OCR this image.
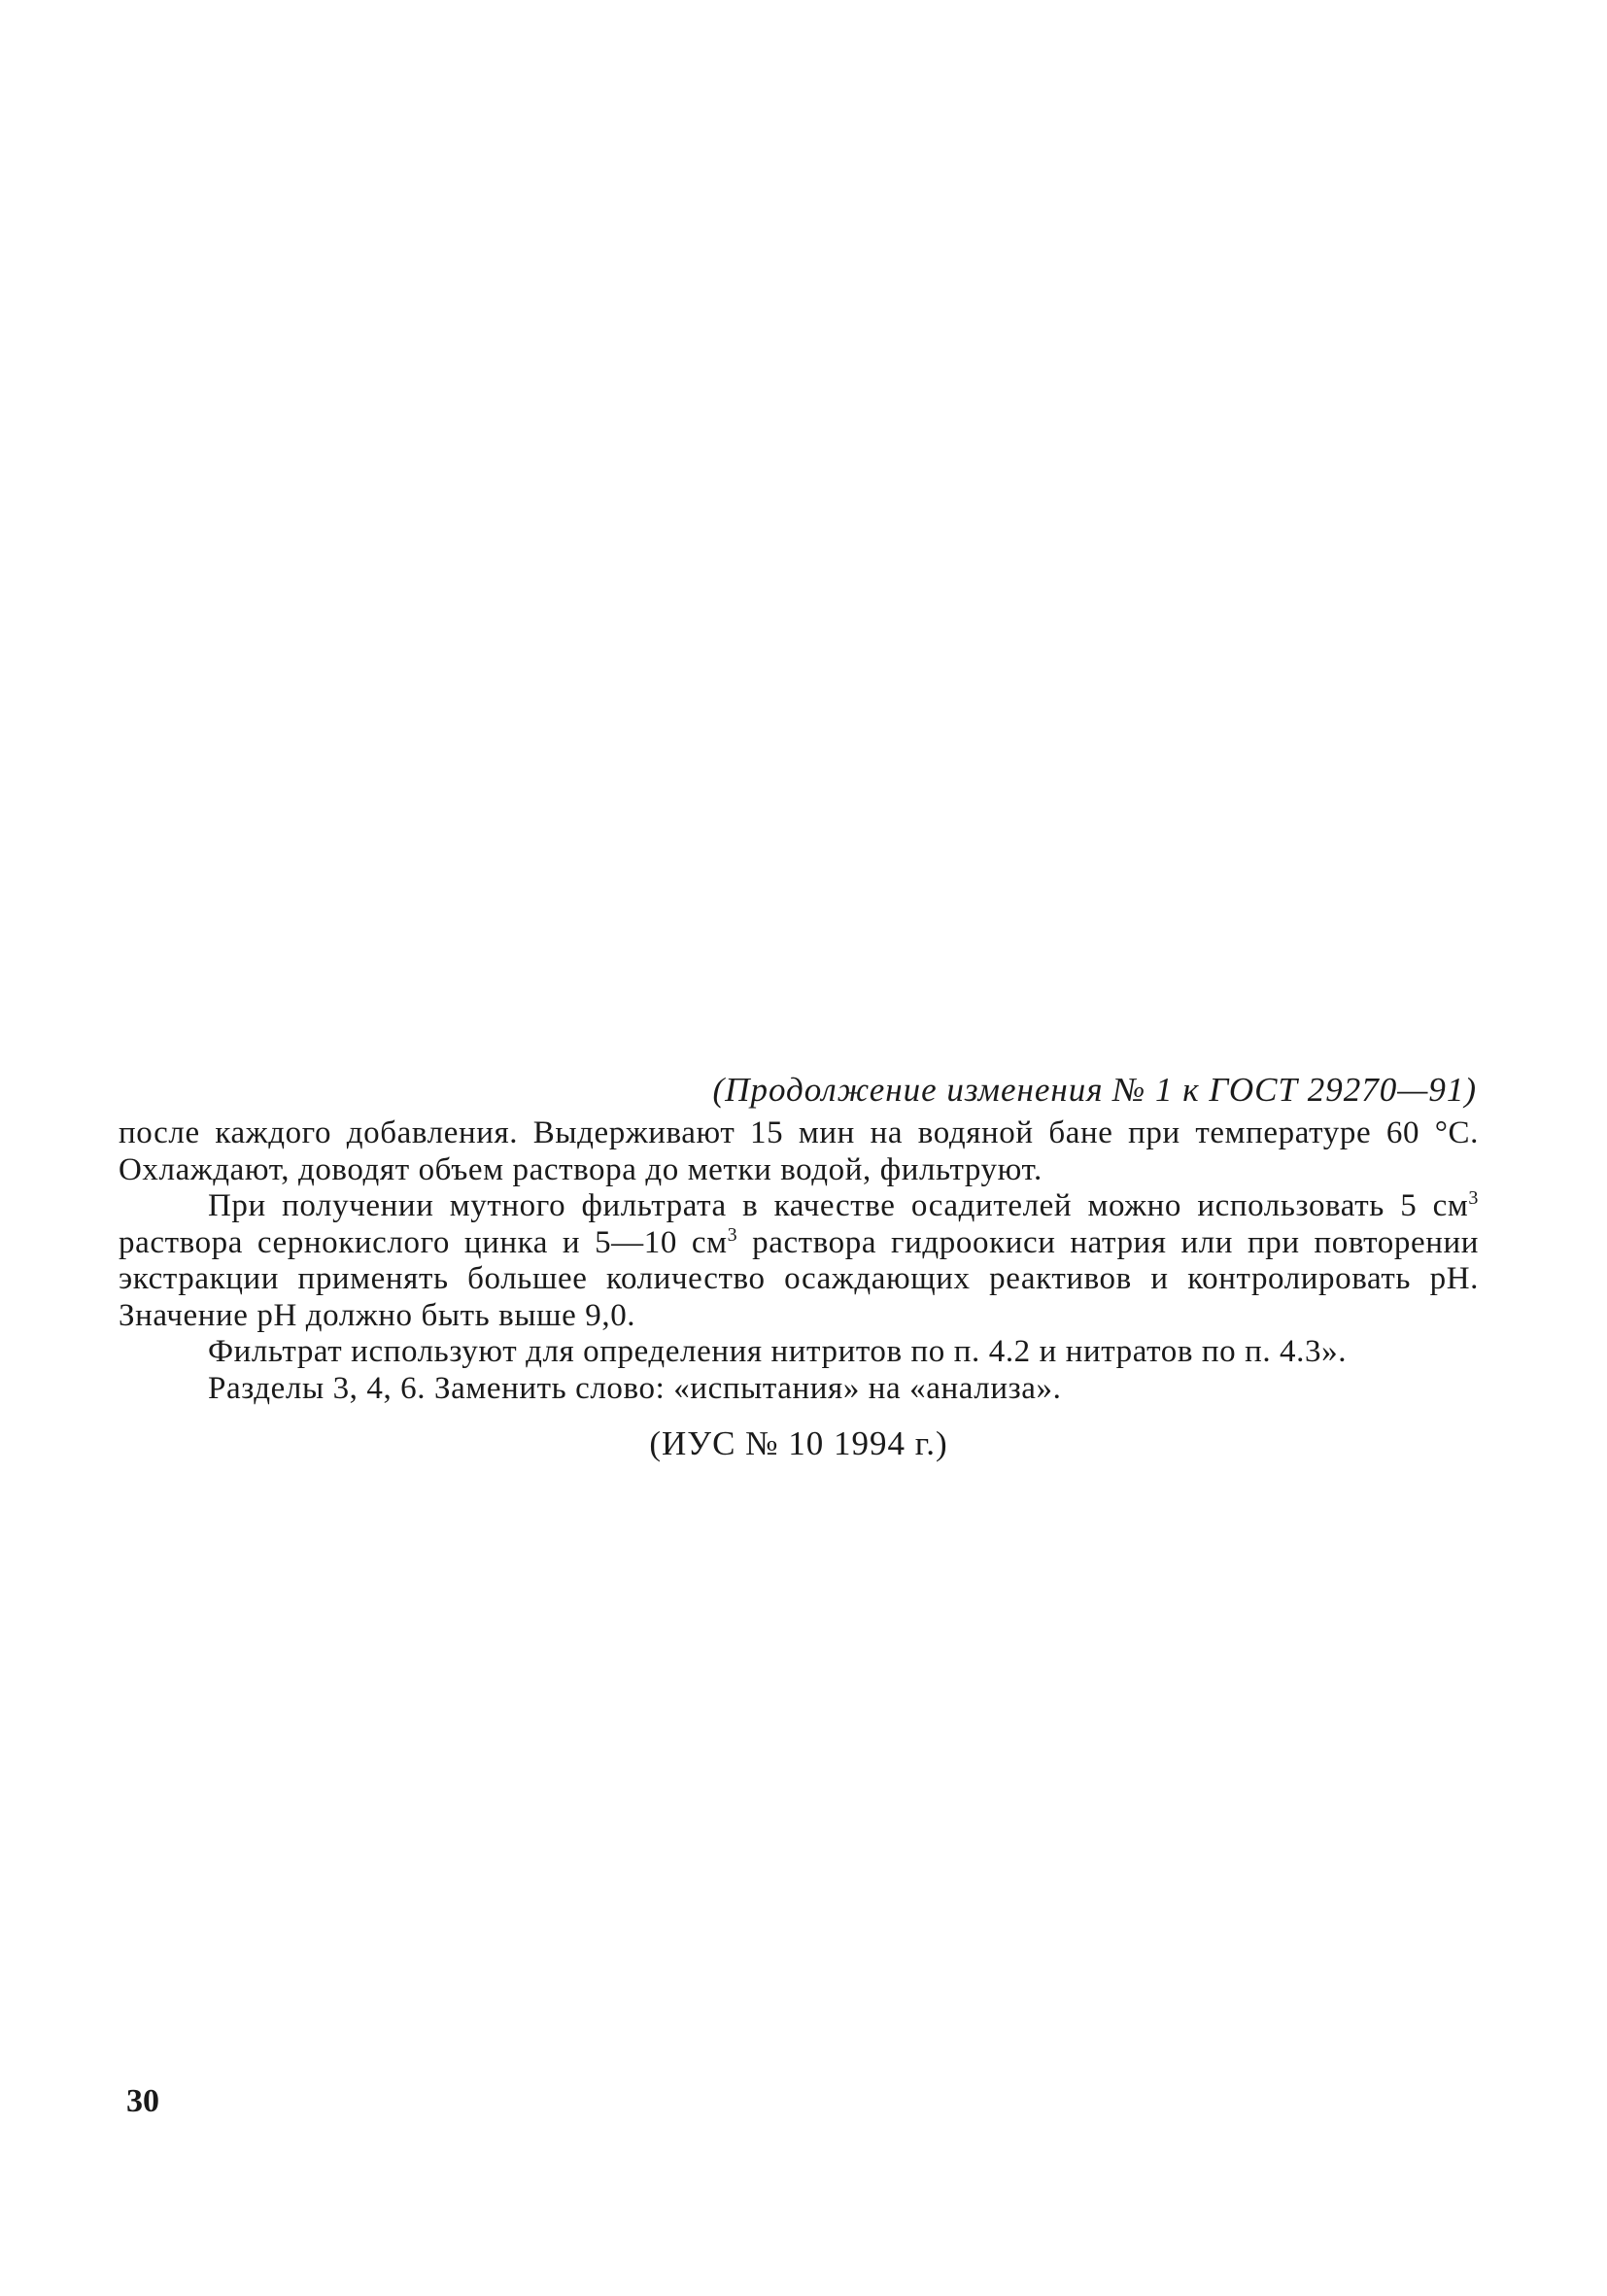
(Продолжение изменения № 1 к ГОСТ 29270—91)

после каждого добавления. Выдерживают 15 мин на водяной бане при температуре 60 °С. Охлаждают, доводят объем раствора до метки водой, фильтруют.

При получении мутного фильтрата в качестве осадителей можно использовать 5 $см^3$ раствора сернокислого цинка и 5—10 $см^3$ раствора гидроокиси натрия или при повторении экстракции применять большее количество осаждающих реактивов и контролировать pH. Значение pH должно быть выше 9,0.

Фильтрат используют для определения нитритов по п. 4.2 и нитратов по п. 4.3».

Разделы 3, 4, 6. Заменить слово: «испытания» на «анализа».

(ИУС № 10 1994 г.)

30
